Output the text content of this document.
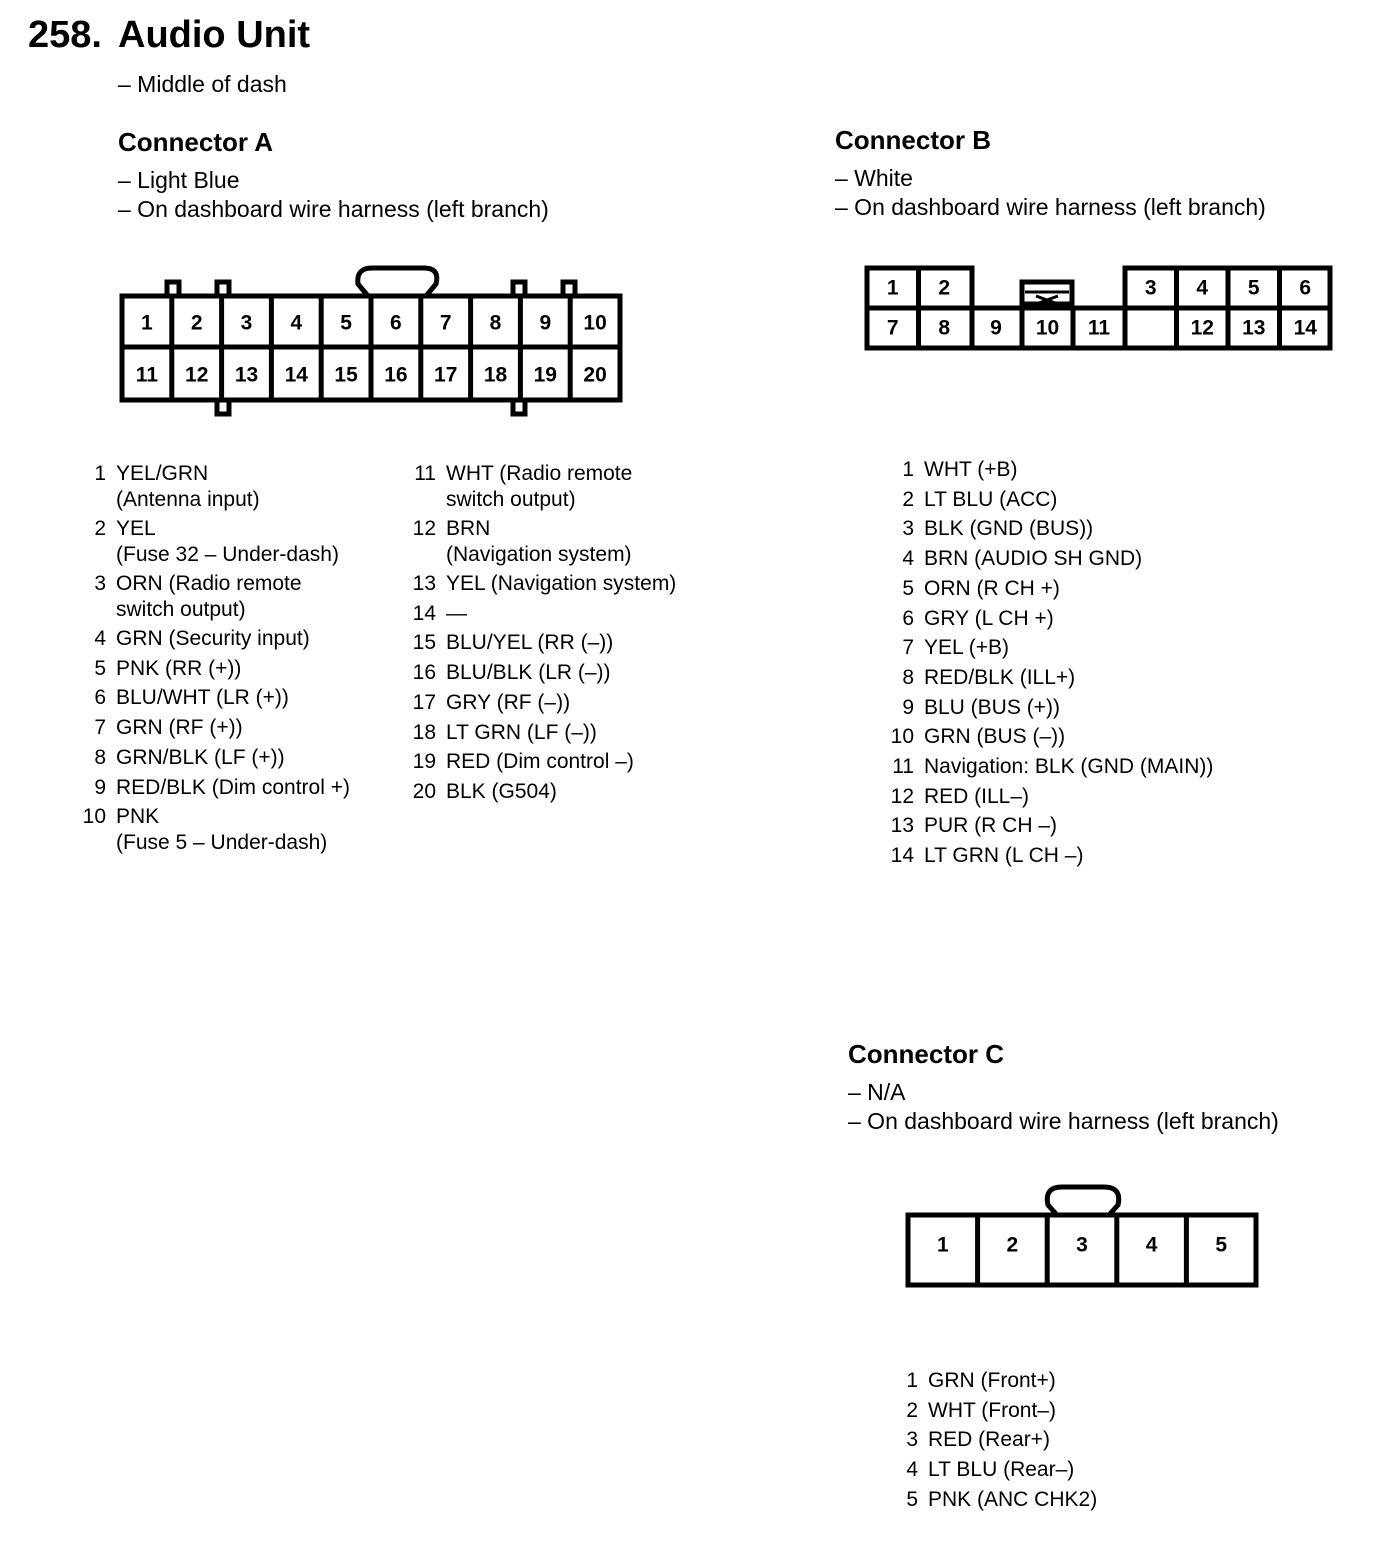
258. Audio Unit
– Middle of dash
Connector A
– Light Blue
– On dashboard wire harness (left branch)
1 2 3 4 5 6 7 8 9 10
11 12 13 14 15 16 17 18 19 20
1 YEL/GRN
(Antenna input)
2 YEL
(Fuse 32 – Under-dash)
3 ORN (Radio remote
switch output)
4 GRN (Security input)
5 PNK (RR (+))
6 BLU/WHT (LR (+))
7 GRN (RF (+))
8 GRN/BLK (LF (+))
9 RED/BLK (Dim control +)
10 PNK
(Fuse 5 – Under-dash)
11 WHT (Radio remote
switch output)
12 BRN
(Navigation system)
13 YEL (Navigation system)
14 —
15 BLU/YEL (RR (–))
16 BLU/BLK (LR (–))
17 GRY (RF (–))
18 LT GRN (LF (–))
19 RED (Dim control –)
20 BLK (G504)
Connector B
– White
– On dashboard wire harness (left branch)
1 2	3 4 5 6
7 8 9 10 11	12 13 14
1 WHT (+B)
2 LT BLU (ACC)
3 BLK (GND (BUS))
4 BRN (AUDIO SH GND)
5 ORN (R CH +)
6 GRY (L CH +)
7 YEL (+B)
8 RED/BLK (ILL+)
9 BLU (BUS (+))
10 GRN (BUS (–))
11 Navigation: BLK (GND (MAIN))
12 RED (ILL–)
13 PUR (R CH –)
14 LT GRN (L CH –)
Connector C
– N/A
– On dashboard wire harness (left branch)
1	2	3	4	5
1 GRN (Front+)
2 WHT (Front–)
3 RED (Rear+)
4 LT BLU (Rear–)
5 PNK (ANC CHK2)
